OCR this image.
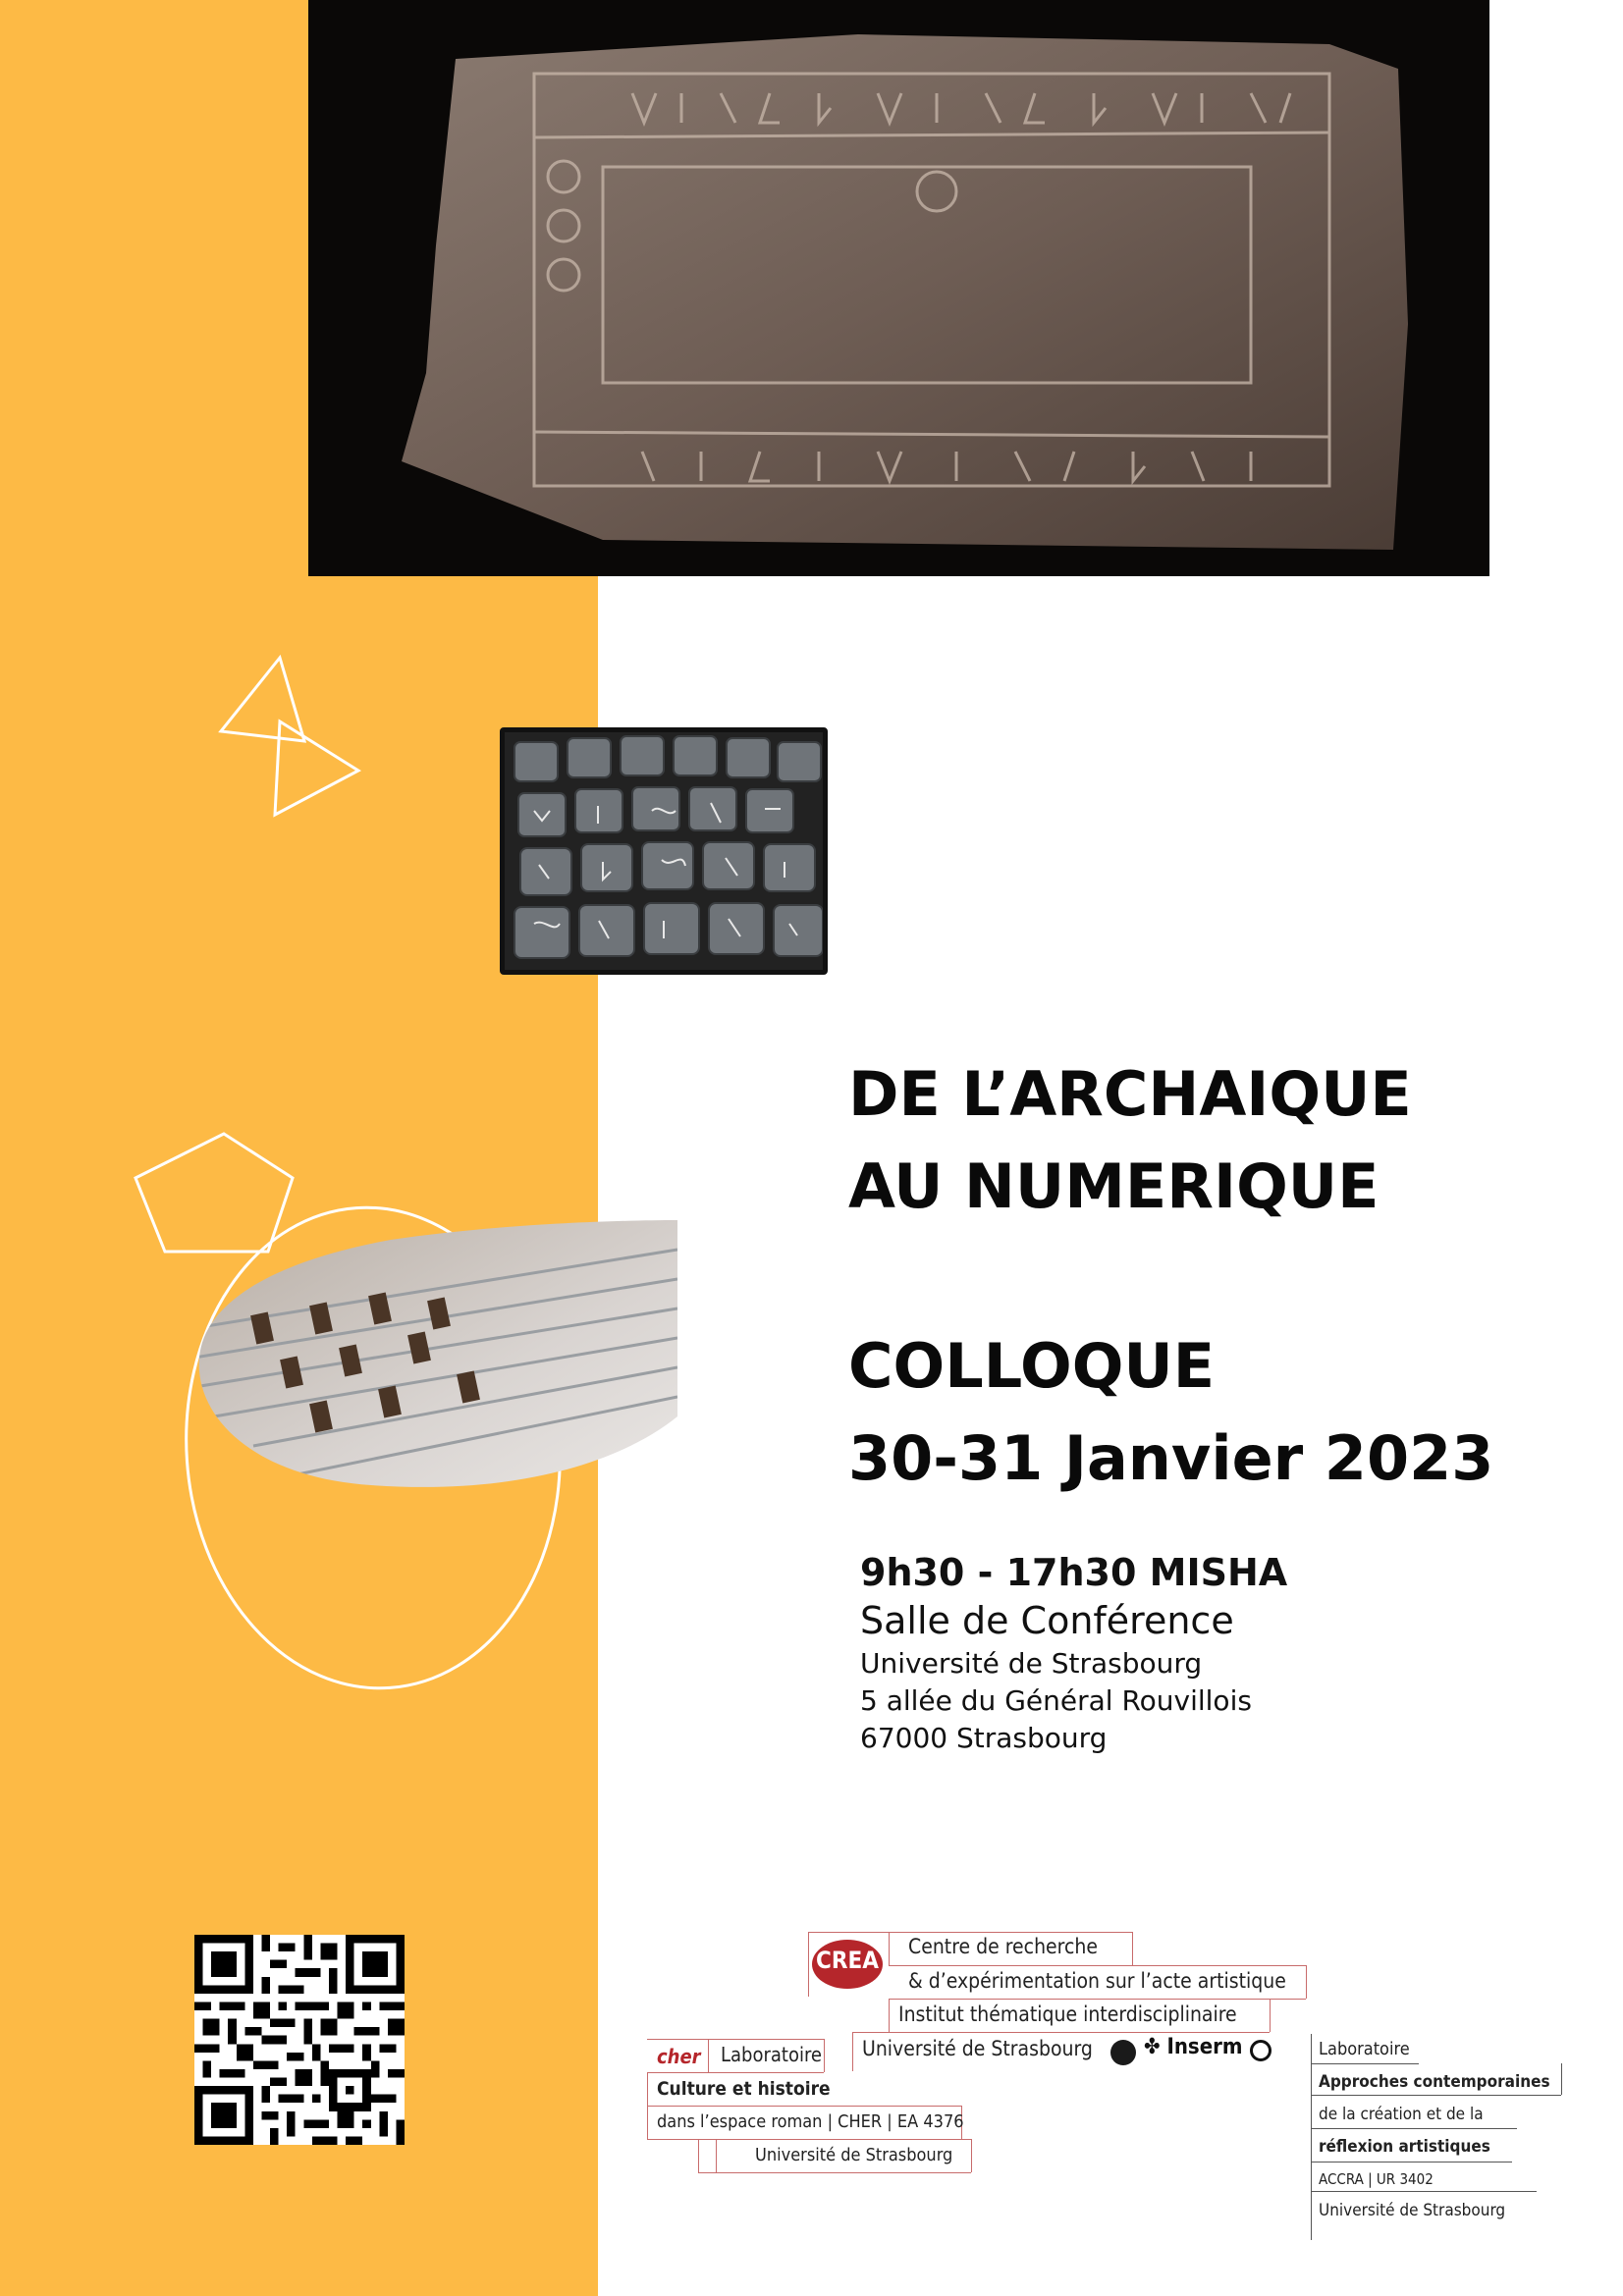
DE L’ARCHAIQUE
AU NUMERIQUE
COLLOQUE
30-31 Janvier 2023
9h30 - 17h30 MISHA
Salle de Conférence
Université de Strasbourg
5 allée du Général Rouvillois
67000 Strasbourg
CREA Centre de recherche
& d’expérimentation sur l’acte artistique
Institut thématique interdisciplinaire
Université de Strasbourg ✤ Inserm
cher Laboratoire
Culture et histoire
dans l’espace roman | CHER | EA 4376
Université de Strasbourg
Laboratoire
Approches contemporaines
de la création et de la
réflexion artistiques
ACCRA | UR 3402
Université de Strasbourg
